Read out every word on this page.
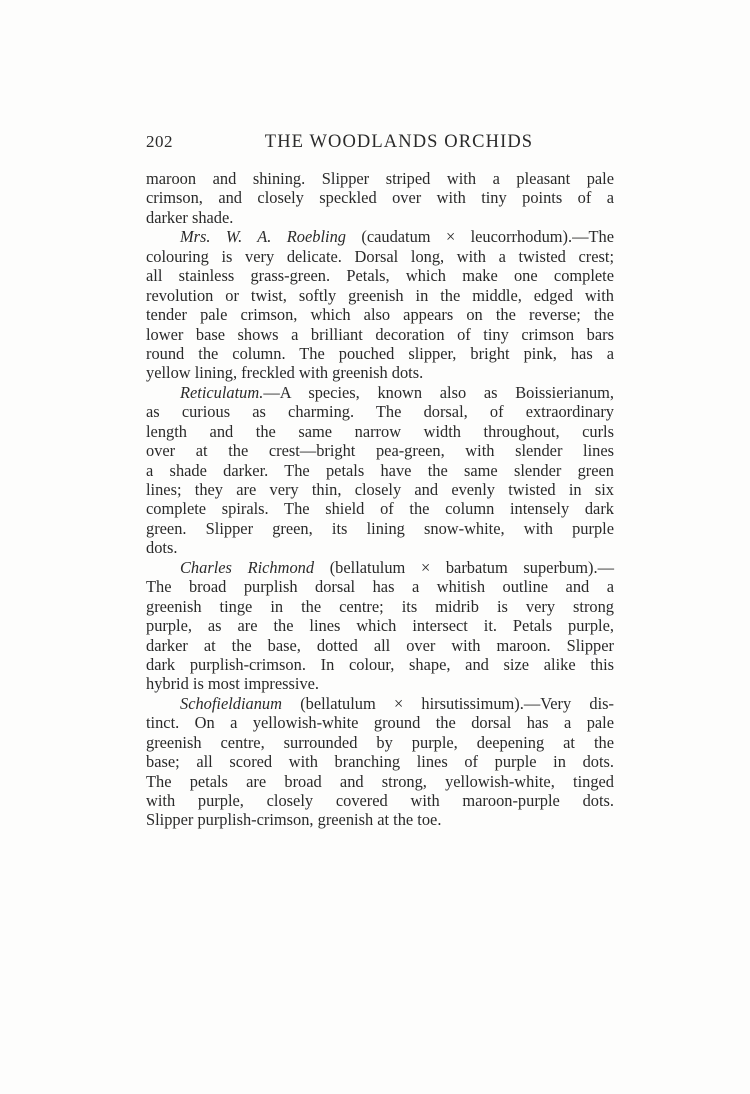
202	THE WOODLANDS ORCHIDS
maroon and shining. Slipper striped with a pleasant pale
crimson, and closely speckled over with tiny points of a
darker shade.
Mrs. W. A. Roebling (caudatum × leucorrhodum).—The
colouring is very delicate. Dorsal long, with a twisted crest;
all stainless grass-green. Petals, which make one complete
revolution or twist, softly greenish in the middle, edged with
tender pale crimson, which also appears on the reverse; the
lower base shows a brilliant decoration of tiny crimson bars
round the column. The pouched slipper, bright pink, has a
yellow lining, freckled with greenish dots.
Reticulatum.—A species, known also as Boissierianum,
as curious as charming. The dorsal, of extraordinary
length and the same narrow width throughout, curls
over at the crest—bright pea-green, with slender lines
a shade darker. The petals have the same slender green
lines; they are very thin, closely and evenly twisted in six
complete spirals. The shield of the column intensely dark
green. Slipper green, its lining snow-white, with purple
dots.
Charles Richmond (bellatulum × barbatum superbum).—
The broad purplish dorsal has a whitish outline and a
greenish tinge in the centre; its midrib is very strong
purple, as are the lines which intersect it. Petals purple,
darker at the base, dotted all over with maroon. Slipper
dark purplish-crimson. In colour, shape, and size alike this
hybrid is most impressive.
Schofieldianum (bellatulum × hirsutissimum).—Very dis-
tinct. On a yellowish-white ground the dorsal has a pale
greenish centre, surrounded by purple, deepening at the
base; all scored with branching lines of purple in dots.
The petals are broad and strong, yellowish-white, tinged
with purple, closely covered with maroon-purple dots.
Slipper purplish-crimson, greenish at the toe.
